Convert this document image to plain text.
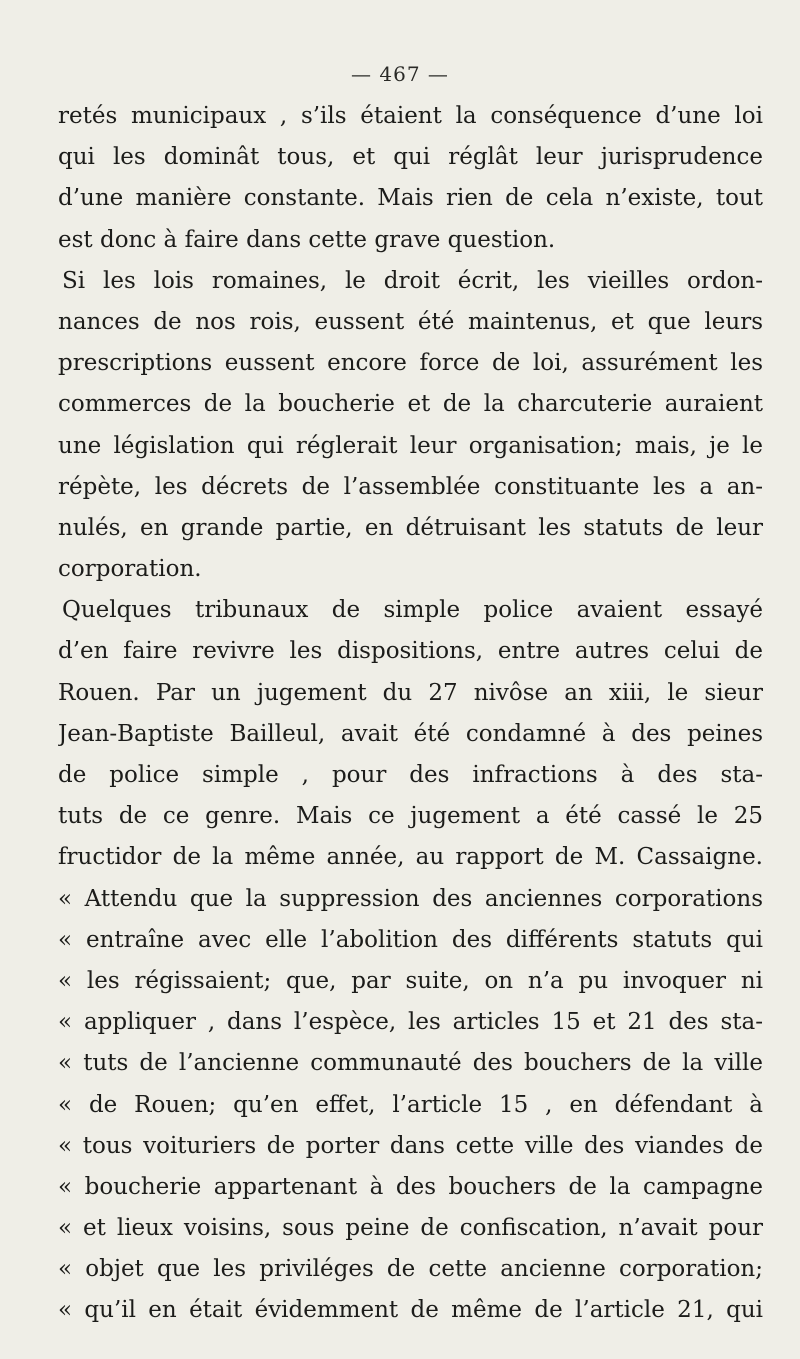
— 467 —
retés municipaux , s’ils étaient la conséquence d’une loi
qui les dominât tous, et qui réglât leur jurisprudence
d’une manière constante. Mais rien de cela n’existe, tout
est donc à faire dans cette grave question.
Si les lois romaines, le droit écrit, les vieilles ordon-
nances de nos rois, eussent été maintenus, et que leurs
prescriptions eussent encore force de loi, assurément les
commerces de la boucherie et de la charcuterie auraient
une législation qui réglerait leur organisation; mais, je le
répète, les décrets de l’assemblée constituante les a an-
nulés, en grande partie, en détruisant les statuts de leur
corporation.
Quelques tribunaux de simple police avaient essayé
d’en faire revivre les dispositions, entre autres celui de
Rouen. Par un jugement du 27 nivôse an xiii, le sieur
Jean-Baptiste Bailleul, avait été condamné à des peines
de police simple , pour des infractions à des sta-
tuts de ce genre. Mais ce jugement a été cassé le 25
fructidor de la même année, au rapport de M. Cassaigne.
« Attendu que la suppression des anciennes corporations
« entraîne avec elle l’abolition des différents statuts qui
« les régissaient; que, par suite, on n’a pu invoquer ni
« appliquer , dans l’espèce, les articles 15 et 21 des sta-
« tuts de l’ancienne communauté des bouchers de la ville
« de Rouen; qu’en effet, l’article 15 , en défendant à
« tous voituriers de porter dans cette ville des viandes de
« boucherie appartenant à des bouchers de la campagne
« et lieux voisins, sous peine de confiscation, n’avait pour
« objet que les priviléges de cette ancienne corporation;
« qu’il en était évidemment de même de l’article 21, qui
